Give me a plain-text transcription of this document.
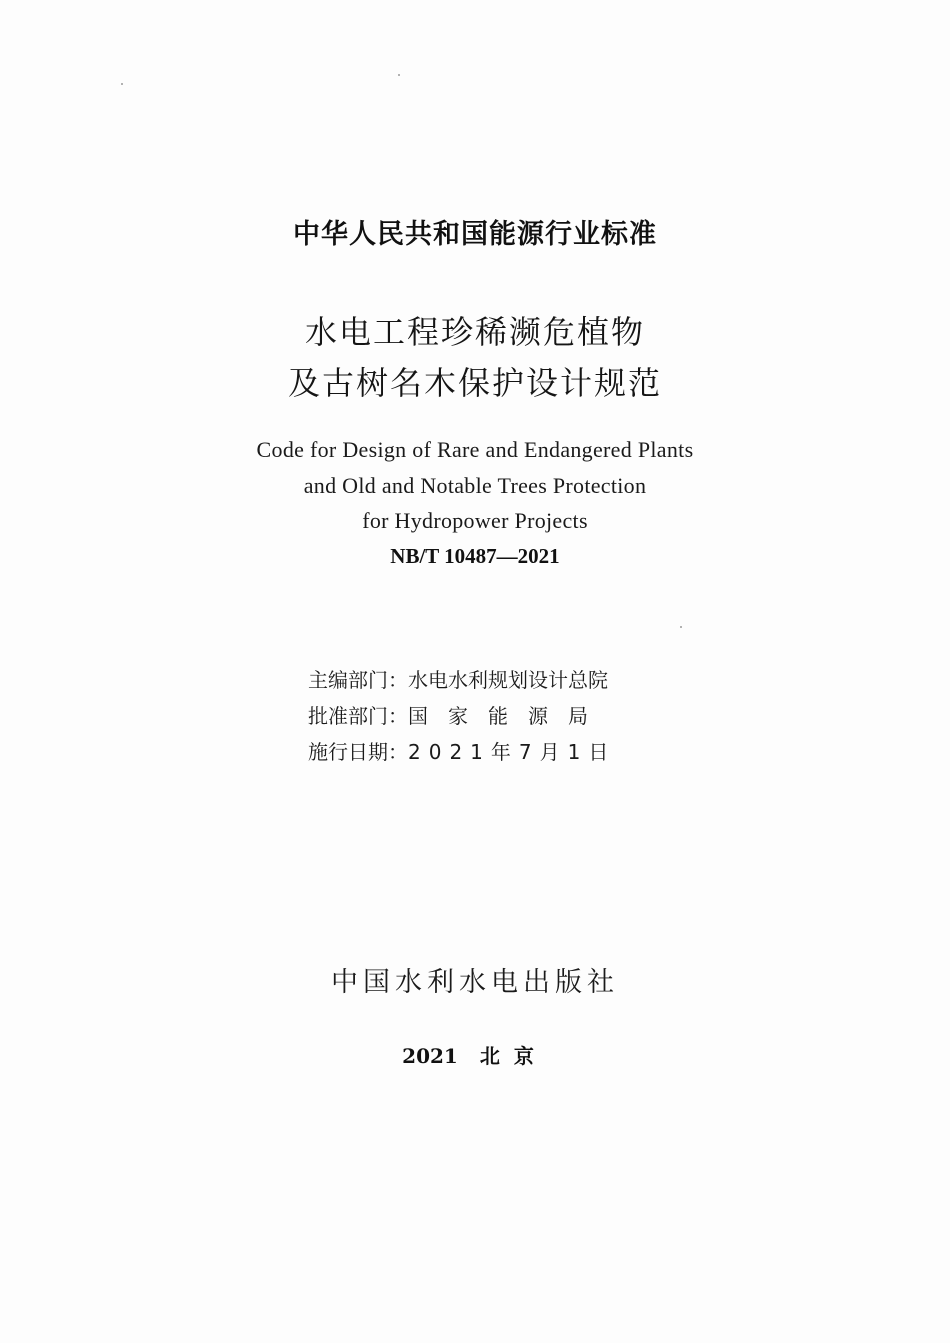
中华人民共和国能源行业标准
水电工程珍稀濒危植物
及古树名木保护设计规范
Code for Design of Rare and Endangered Plants
and Old and Notable Trees Protection
for Hydropower Projects
NB/T 10487—2021
主编部门：水电水利规划设计总院
批准部门：国家能源局
施行日期：2021年7月1日
中国水利水电出版社
2021 北京
